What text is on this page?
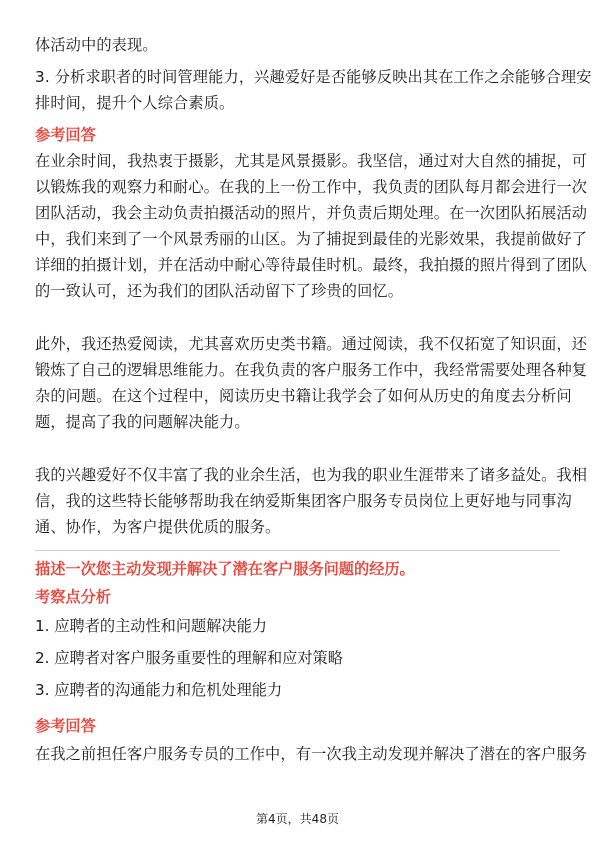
体活动中的表现。

3. 分析求职者的时间管理能力，兴趣爱好是否能够反映出其在工作之余能够合理安

排时间，提升个人综合素质。

参考回答

在业余时间，我热衷于摄影，尤其是风景摄影。我坚信，通过对大自然的捕捉，可

以锻炼我的观察力和耐心。在我的上一份工作中，我负责的团队每月都会进行一次

团队活动，我会主动负责拍摄活动的照片，并负责后期处理。在一次团队拓展活动

中，我们来到了一个风景秀丽的山区。为了捕捉到最佳的光影效果，我提前做好了

详细的拍摄计划，并在活动中耐心等待最佳时机。最终，我拍摄的照片得到了团队

的一致认可，还为我们的团队活动留下了珍贵的回忆。

此外，我还热爱阅读，尤其喜欢历史类书籍。通过阅读，我不仅拓宽了知识面，还

锻炼了自己的逻辑思维能力。在我负责的客户服务工作中，我经常需要处理各种复

杂的问题。在这个过程中，阅读历史书籍让我学会了如何从历史的角度去分析问

题，提高了我的问题解决能力。

我的兴趣爱好不仅丰富了我的业余生活，也为我的职业生涯带来了诸多益处。我相

信，我的这些特长能够帮助我在纳爱斯集团客户服务专员岗位上更好地与同事沟

通、协作，为客户提供优质的服务。

描述一次您主动发现并解决了潜在客户服务问题的经历。

考察点分析

1. 应聘者的主动性和问题解决能力

2. 应聘者对客户服务重要性的理解和应对策略

3. 应聘者的沟通能力和危机处理能力

参考回答

在我之前担任客户服务专员的工作中，有一次我主动发现并解决了潜在的客户服务

第4页，共48页
